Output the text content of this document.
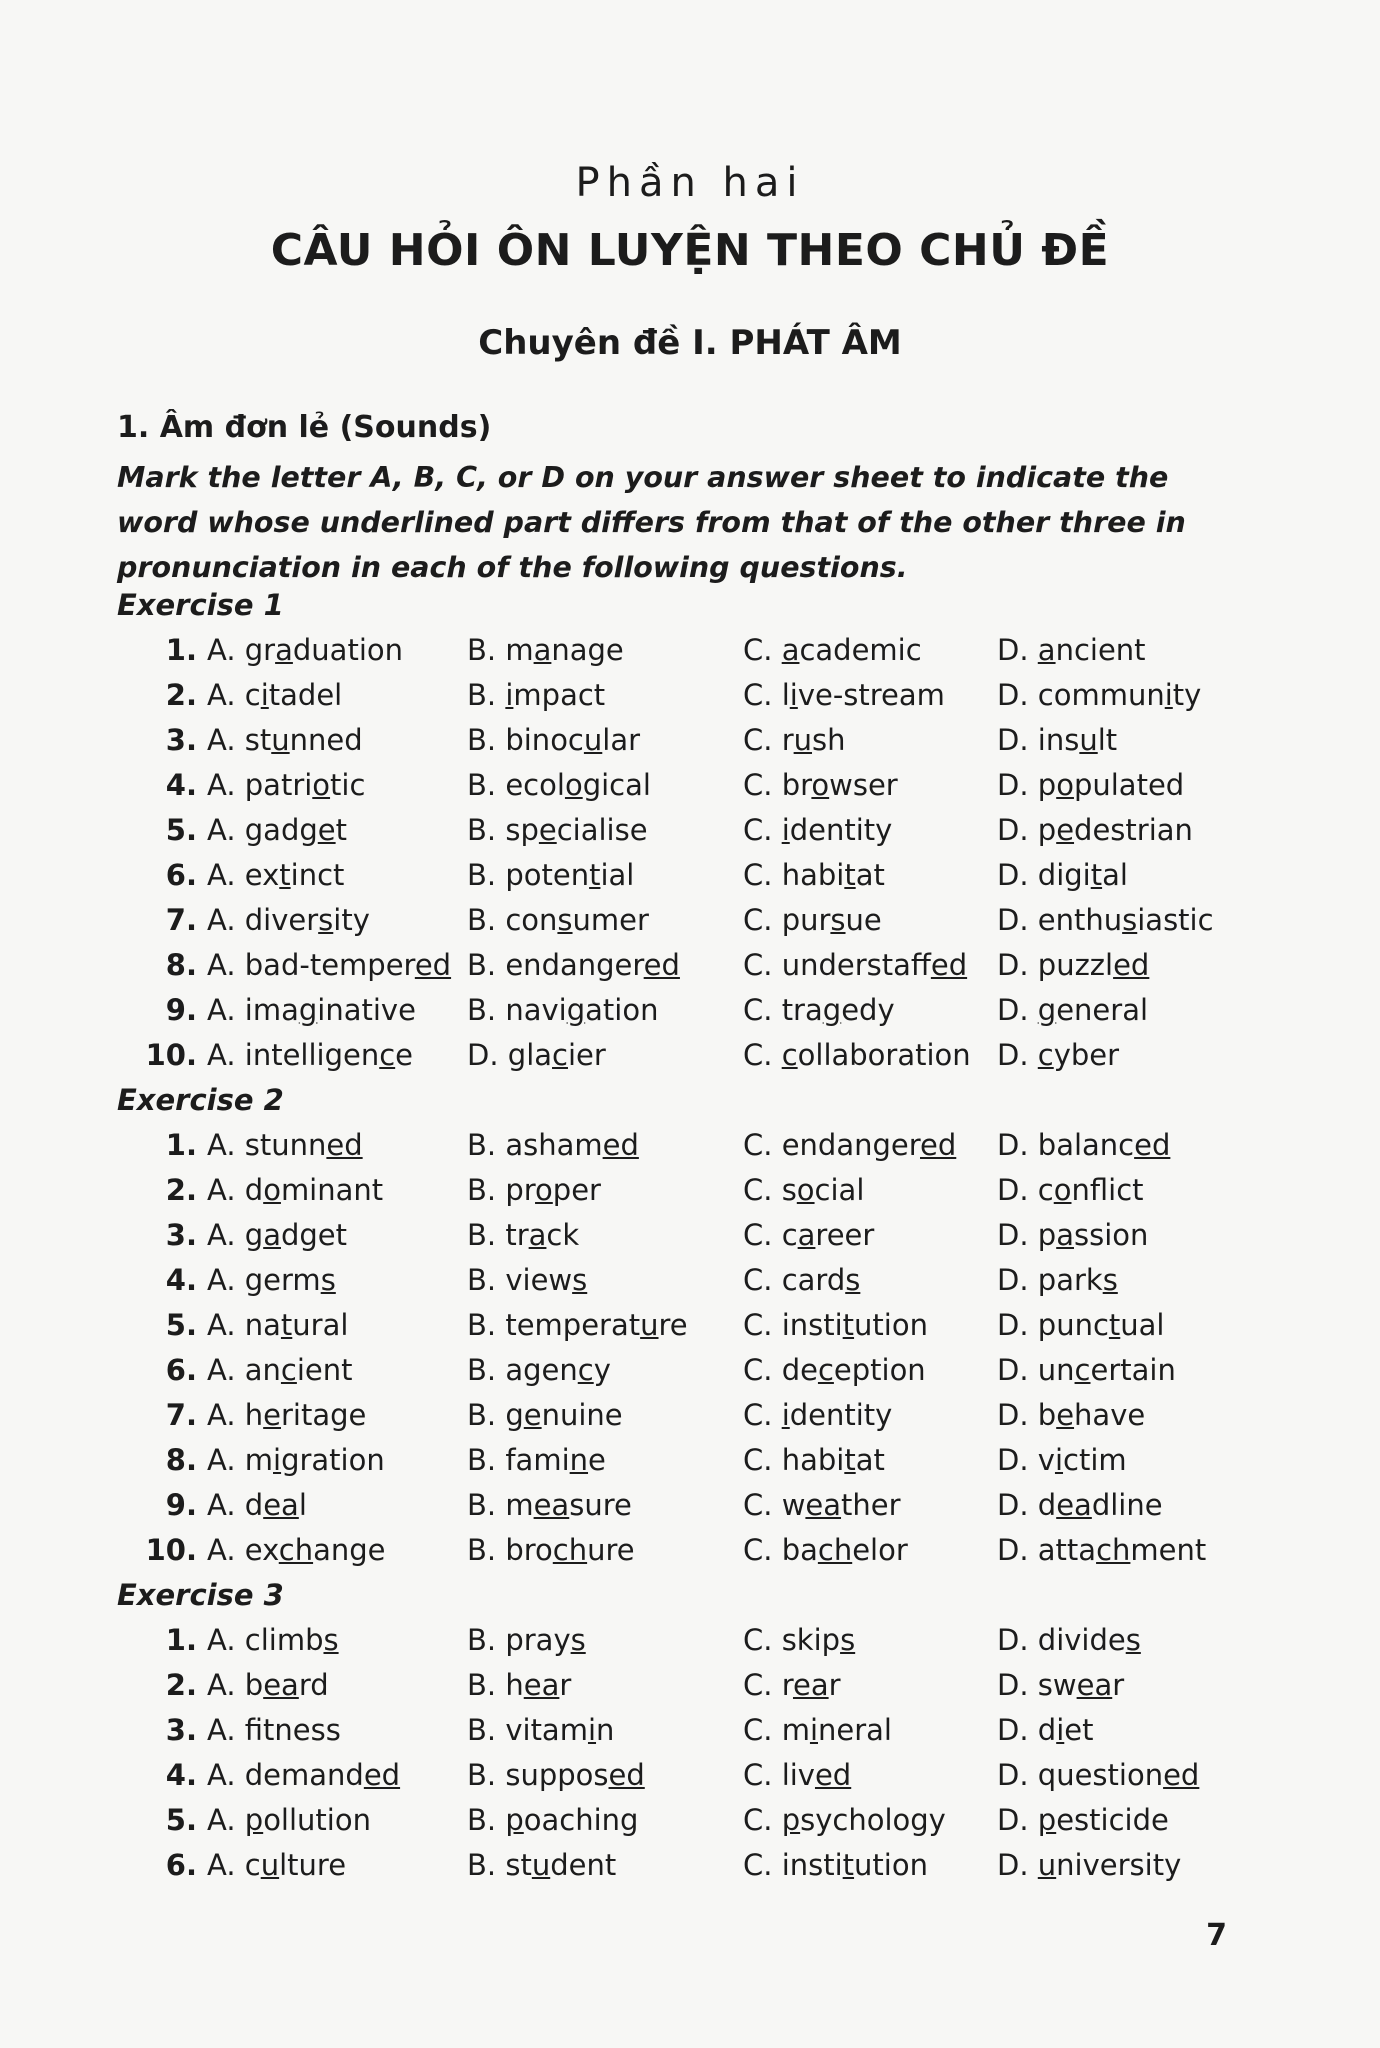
Phần hai
CÂU HỎI ÔN LUYỆN THEO CHỦ ĐỀ
Chuyên đề I. PHÁT ÂM
1. Âm đơn lẻ (Sounds)
Mark the letter A, B, C, or D on your answer sheet to indicate the word whose underlined part differs from that of the other three in pronunciation in each of the following questions.
Exercise 1
1. A. graduation B. manage	C. academic	D. ancient
2. A. citadel	B. impact	C. live-stream D. community
3. A. stunned	B. binocular	C. rush	D. insult
4. A. patriotic	B. ecological	C. browser	D. populated
5. A. gadget	B. specialise	C. identity	D. pedestrian
6. A. extinct	B. potential	C. habitat	D. digital
7. A. diversity	B. consumer	C. pursue	D. enthusiastic
8. A. bad-tempered B. endangered C. understaffed D. puzzled
9. A. imaginative B. navigation	C. tragedy	D. general
10. A. intelligence D. glacier	C. collaboration D. cyber
Exercise 2
1. A. stunned	B. ashamed	C. endangered D. balanced
2. A. dominant	B. proper	C. social	D. conflict
3. A. gadget	B. track	C. career	D. passion
4. A. germs	B. views	C. cards	D. parks
5. A. natural	B. temperature C. institution D. punctual
6. A. ancient	B. agency	C. deception D. uncertain
7. A. heritage	B. genuine	C. identity	D. behave
8. A. migration	B. famine	C. habitat	D. victim
9. A. deal	B. measure	C. weather	D. deadline
10. A. exchange	B. brochure	C. bachelor	D. attachment
Exercise 3
1. A. climbs	B. prays	C. skips	D. divides
2. A. beard	B. hear	C. rear	D. swear
3. A. ftness	B. vitamin	C. mineral	D. diet
4. A. demanded B. supposed	C. lived	D. questioned
5. A. pollution	B. poaching	C. psychology D. pesticide
6. A. culture	B. student	C. institution D. university
7
